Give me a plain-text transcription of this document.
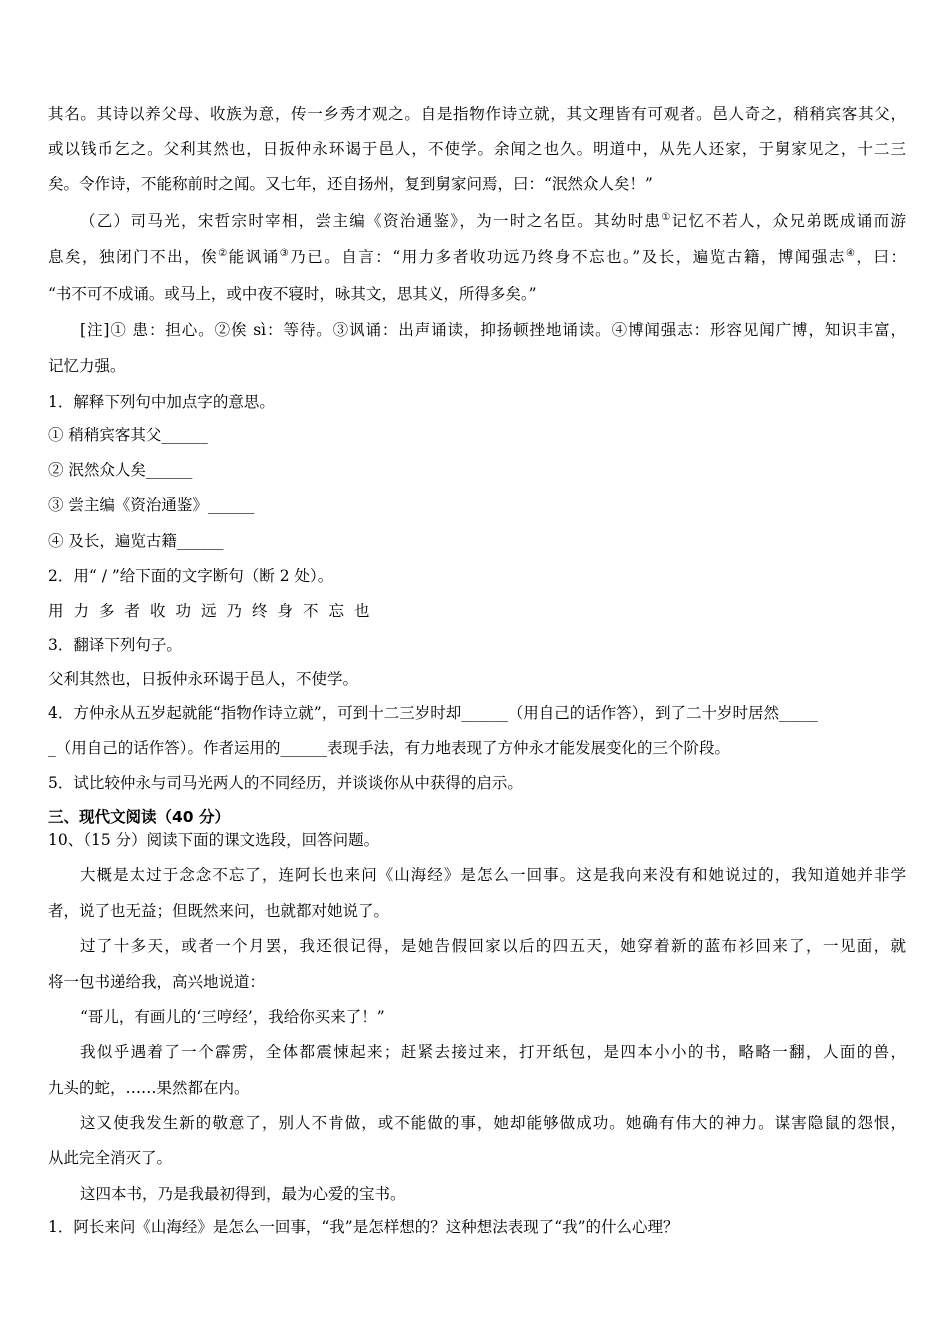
其名。其诗以养父母、收族为意，传一乡秀才观之。自是指物作诗立就，其文理皆有可观者。邑人奇之，稍稍宾客其父，
或以钱币乞之。父利其然也，日扳仲永环谒于邑人，不使学。余闻之也久。明道中，从先人还家，于舅家见之，十二三
矣。令作诗，不能称前时之闻。又七年，还自扬州，复到舅家问焉，曰：“泯然众人矣！”
（乙）司马光，宋哲宗时宰相，尝主编《资治通鉴》，为一时之名臣。其幼时患①记忆不若人，众兄弟既成诵而游
息矣，独闭门不出，俟②能讽诵③乃已。自言：“用力多者收功远乃终身不忘也。”及长，遍览古籍，博闻强志④，曰：
“书不可不成诵。或马上，或中夜不寝时，咏其文，思其义，所得多矣。”
[注]① 患：担心。②俟 sì：等待。③讽诵：出声诵读，抑扬顿挫地诵读。④博闻强志：形容见闻广博，知识丰富，
记忆力强。
1．解释下列句中加点字的意思。
① 稍稍宾客其父______
② 泯然众人矣______
③ 尝主编《资治通鉴》______
④ 及长，遍览古籍______
2．用“ / ”给下面的文字断句（断 2 处）。
用力多者收功远乃终身不忘也
3．翻译下列句子。
父利其然也，日扳仲永环谒于邑人，不使学。
4．方仲永从五岁起就能“指物作诗立就”，可到十二三岁时却______（用自己的话作答），到了二十岁时居然_____
_（用自己的话作答）。作者运用的______表现手法，有力地表现了方仲永才能发展变化的三个阶段。
5．试比较仲永与司马光两人的不同经历，并谈谈你从中获得的启示。
三、现代文阅读（40 分）
10、（15 分）阅读下面的课文选段，回答问题。
大概是太过于念念不忘了，连阿长也来问《山海经》是怎么一回事。这是我向来没有和她说过的，我知道她并非学
者，说了也无益；但既然来问，也就都对她说了。
过了十多天，或者一个月罢，我还很记得，是她告假回家以后的四五天，她穿着新的蓝布衫回来了，一见面，就
将一包书递给我，高兴地说道：
“哥儿，有画儿的‘三哼经’，我给你买来了！”
我似乎遇着了一个霹雳，全体都震悚起来；赶紧去接过来，打开纸包，是四本小小的书，略略一翻，人面的兽，
九头的蛇，……果然都在内。
这又使我发生新的敬意了，别人不肯做，或不能做的事，她却能够做成功。她确有伟大的神力。谋害隐鼠的怨恨，
从此完全消灭了。
这四本书，乃是我最初得到，最为心爱的宝书。
1．阿长来问《山海经》是怎么一回事，“我”是怎样想的？这种想法表现了“我”的什么心理？
